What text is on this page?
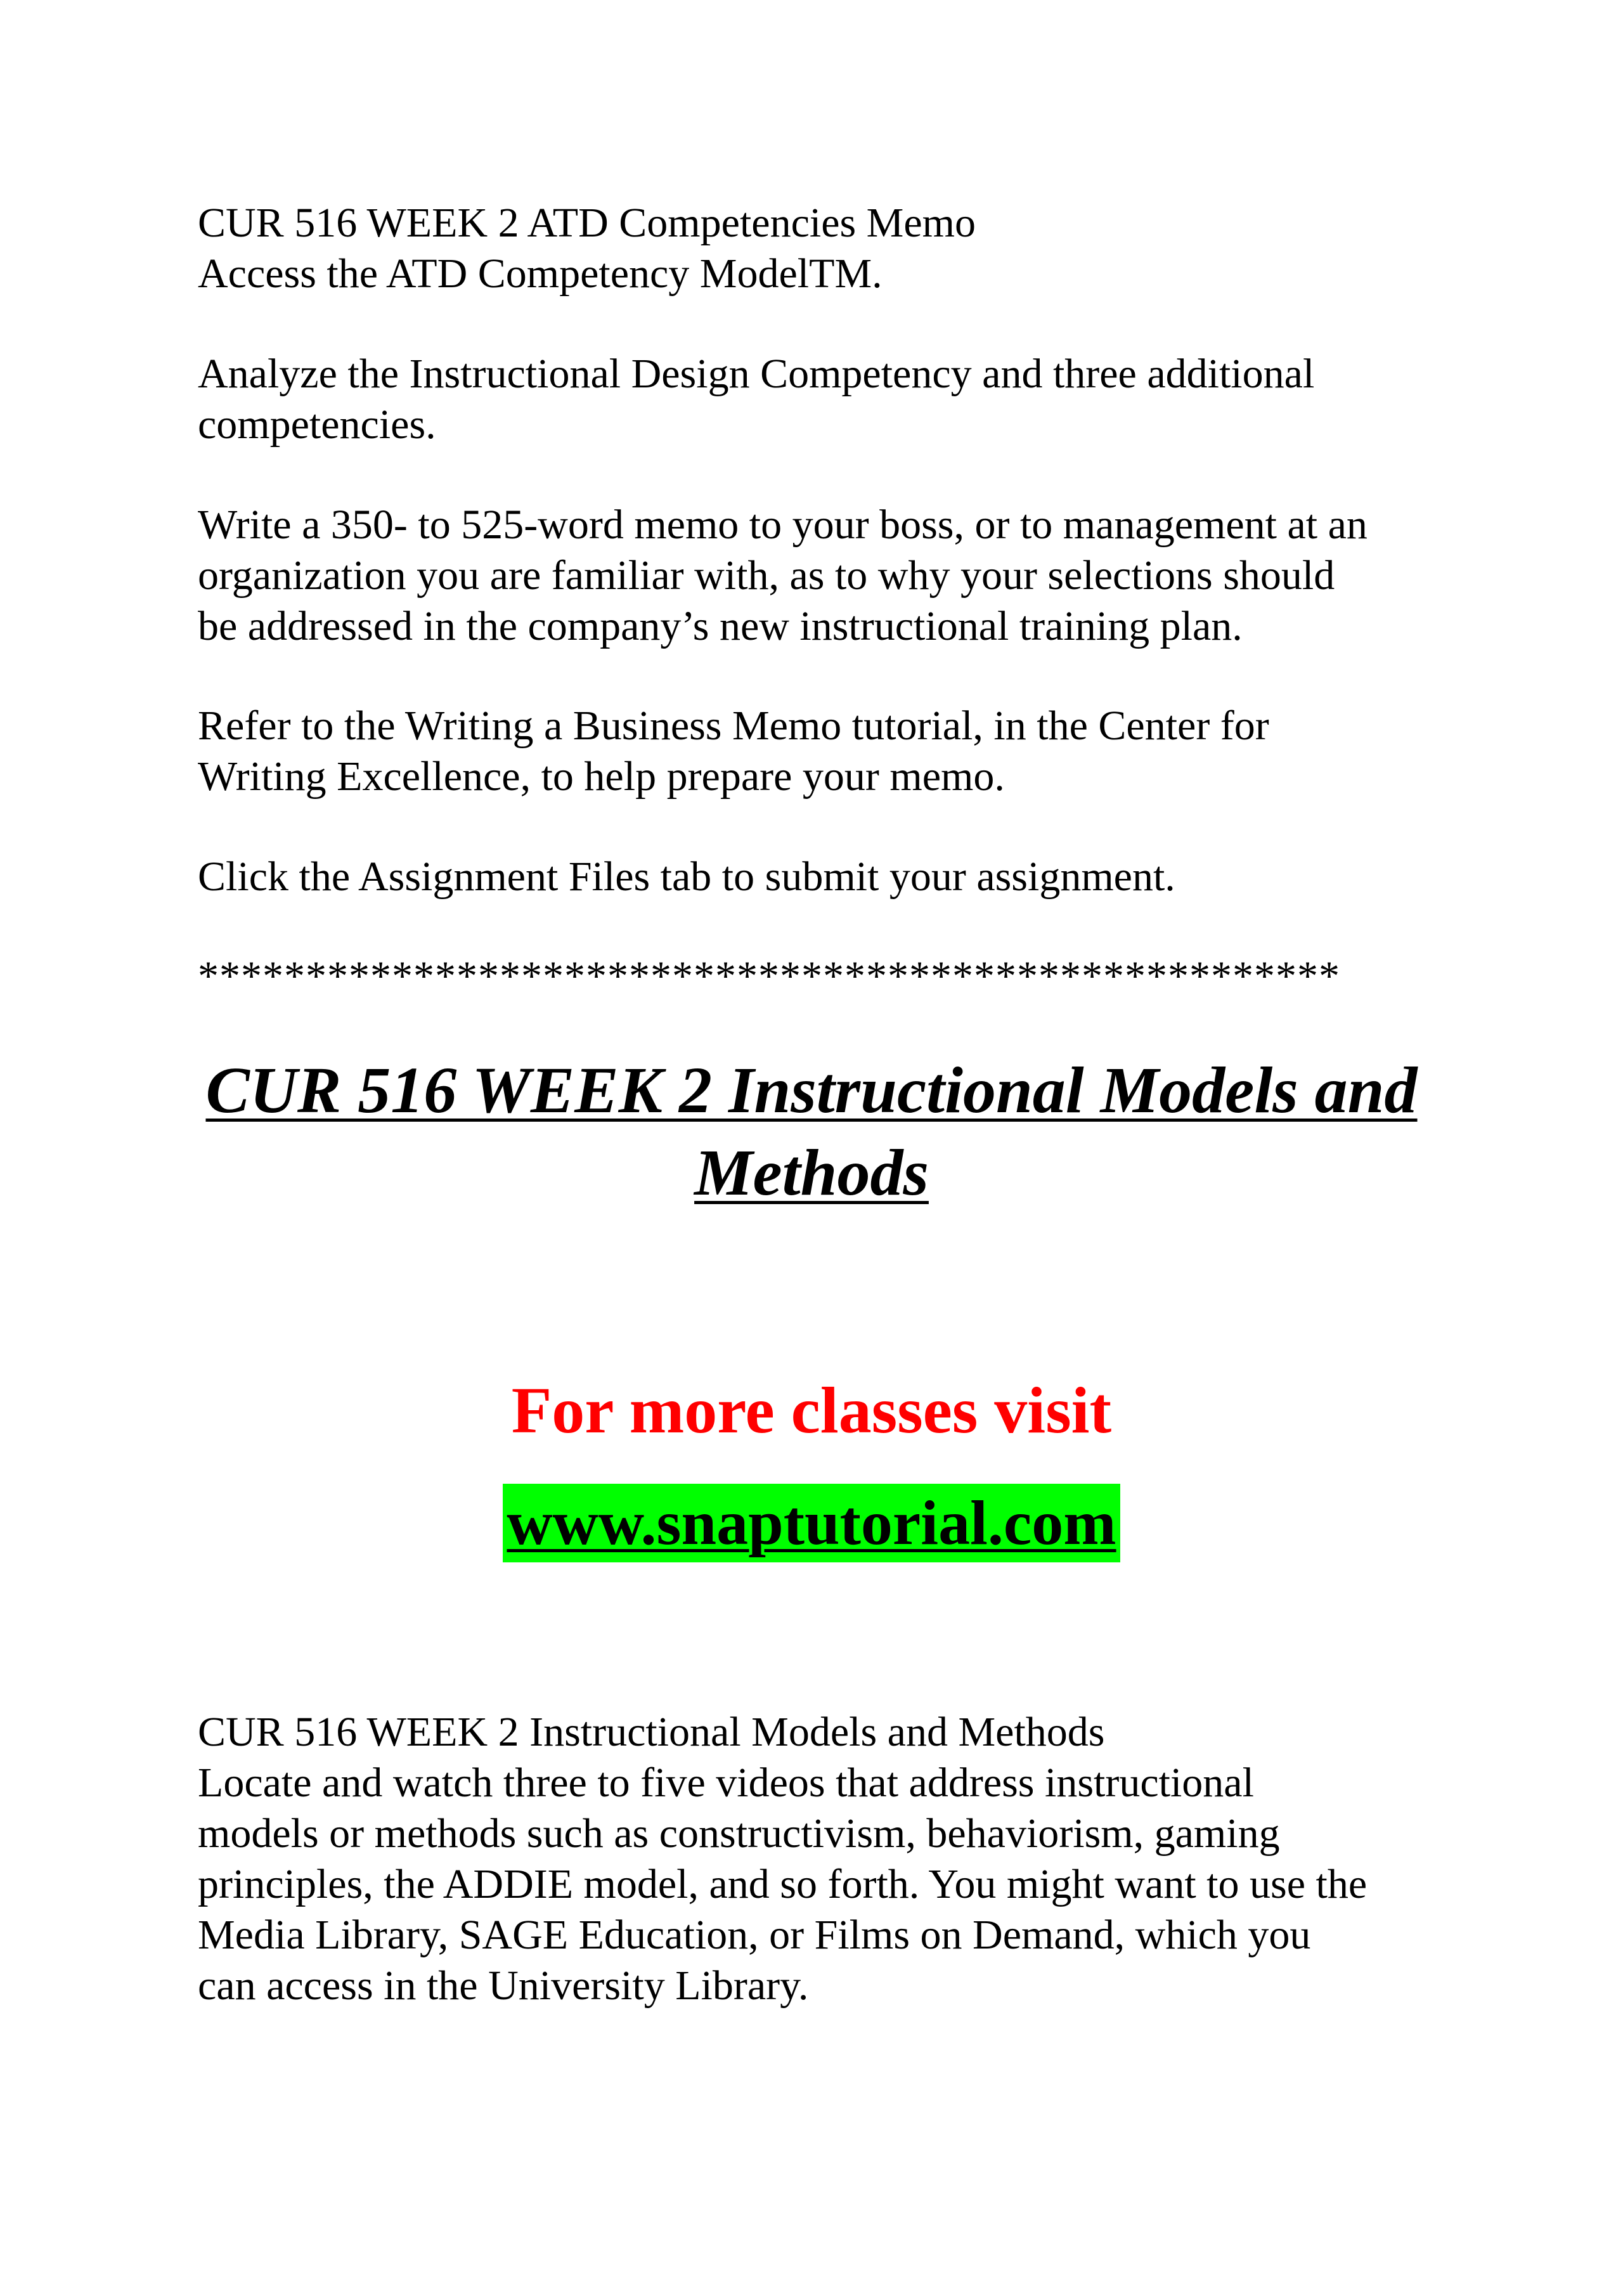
CUR 516 WEEK 2 ATD Competencies Memo

Access the ATD Competency ModelTM.

Analyze the Instructional Design Competency and three additional

competencies.

Write a 350- to 525-word memo to your boss, or to management at an

organization you are familiar with, as to why your selections should

be addressed in the company’s new instructional training plan.

Refer to the Writing a Business Memo tutorial, in the Center for

Writing Excellence, to help prepare your memo.

Click the Assignment Files tab to submit your assignment.

*****************************************************

CUR 516 WEEK 2 Instructional Models and
Methods
For more classes visit
www.snaptutorial.com

CUR 516 WEEK 2 Instructional Models and Methods

Locate and watch three to five videos that address instructional

models or methods such as constructivism, behaviorism, gaming

principles, the ADDIE model, and so forth. You might want to use the

Media Library, SAGE Education, or Films on Demand, which you

can access in the University Library.
